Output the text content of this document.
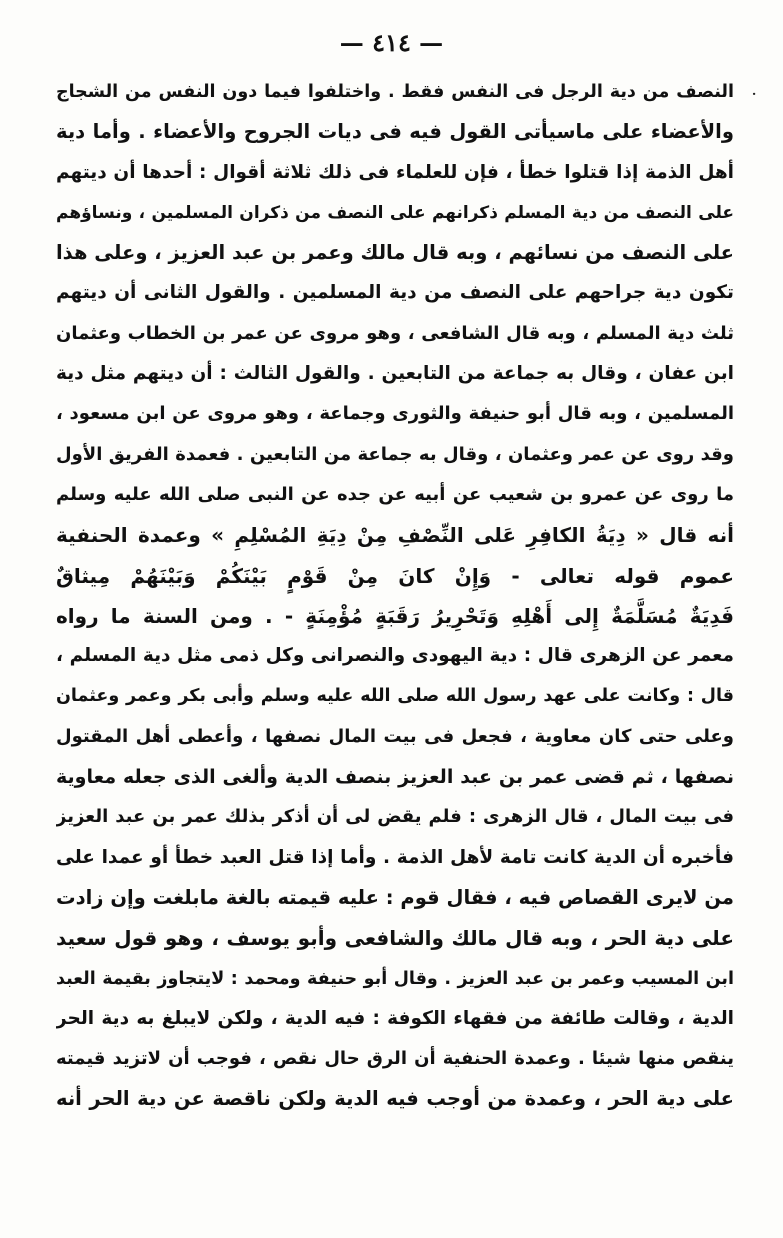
— ٤١٤ —
·
النصف من دية الرجل فى النفس فقط . واختلفوا فيما دون النفس من الشجاج
والأعضاء على ماسيأتى القول فيه فى ديات الجروح والأعضاء . وأما دية
أهل الذمة إذا قتلوا خطأ ، فإن للعلماء فى ذلك ثلاثة أقوال : أحدها أن ديتهم
على النصف من دية المسلم ذكرانهم على النصف من ذكران المسلمين ، ونساؤهم
على النصف من نسائهم ، وبه قال مالك وعمر بن عبد العزيز ، وعلى هذا
تكون دية جراحهم على النصف من دية المسلمين . والقول الثانى أن ديتهم
ثلث دية المسلم ، وبه قال الشافعى ، وهو مروى عن عمر بن الخطاب وعثمان
ابن عفان ، وقال به جماعة من التابعين . والقول الثالث : أن ديتهم مثل دية
المسلمين ، وبه قال أبو حنيفة والثورى وجماعة ، وهو مروى عن ابن مسعود ،
وقد روى عن عمر وعثمان ، وقال به جماعة من التابعين . فعمدة الفريق الأول
ما روى عن عمرو بن شعيب عن أبيه عن جده عن النبى صلى الله عليه وسلم
أنه قال « دِيَةُ الكافِرِ عَلى النِّصْفِ مِنْ دِيَةِ المُسْلِمِ » وعمدة الحنفية
عموم قوله تعالى - وَإِنْ كانَ مِنْ قَوْمٍ بَيْنَكُمْ وَبَيْنَهُمْ مِيثاقٌ
فَدِيَةٌ مُسَلَّمَةٌ إِلى أَهْلِهِ وَتَحْرِيرُ رَقَبَةٍ مُؤْمِنَةٍ - . ومن السنة ما رواه
معمر عن الزهرى قال : دية اليهودى والنصرانى وكل ذمى مثل دية المسلم ،
قال : وكانت على عهد رسول الله صلى الله عليه وسلم وأبى بكر وعمر وعثمان
وعلى حتى كان معاوية ، فجعل فى بيت المال نصفها ، وأعطى أهل المقتول
نصفها ، ثم قضى عمر بن عبد العزيز بنصف الدية وألغى الذى جعله معاوية
فى بيت المال ، قال الزهرى : فلم يقض لى أن أذكر بذلك عمر بن عبد العزيز
فأخبره أن الدية كانت تامة لأهل الذمة . وأما إذا قتل العبد خطأ أو عمدا على
من لايرى القصاص فيه ، فقال قوم : عليه قيمته بالغة مابلغت وإن زادت
على دية الحر ، وبه قال مالك والشافعى وأبو يوسف ، وهو قول سعيد
ابن المسيب وعمر بن عبد العزيز . وقال أبو حنيفة ومحمد : لايتجاوز بقيمة العبد
الدية ، وقالت طائفة من فقهاء الكوفة : فيه الدية ، ولكن لايبلغ به دية الحر
ينقص منها شيئا . وعمدة الحنفية أن الرق حال نقص ، فوجب أن لاتزيد قيمته
على دية الحر ، وعمدة من أوجب فيه الدية ولكن ناقصة عن دية الحر أنه
